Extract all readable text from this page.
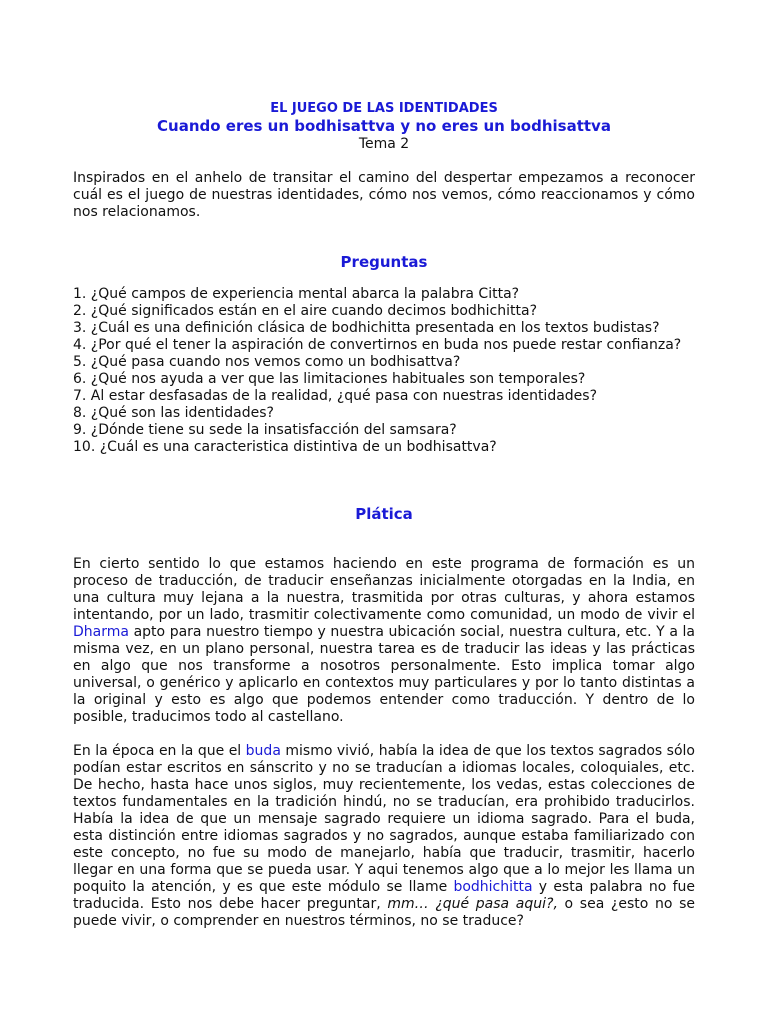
EL JUEGO DE LAS IDENTIDADES
Cuando eres un bodhisattva y no eres un bodhisattva
Tema 2

Inspirados en el anhelo de transitar el camino del despertar empezamos a reconocer cuál es el juego de nuestras identidades, cómo nos vemos, cómo reaccionamos y cómo nos relacionamos.

Preguntas
1. ¿Qué campos de experiencia mental abarca la palabra Citta?
2. ¿Qué significados están en el aire cuando decimos bodhichitta?
3. ¿Cuál es una definición clásica de bodhichitta presentada en los textos budistas?
4. ¿Por qué el tener la aspiración de convertirnos en buda nos puede restar confianza?
5. ¿Qué pasa cuando nos vemos como un bodhisattva?
6. ¿Qué nos ayuda a ver que las limitaciones habituales son temporales?
7. Al estar desfasadas de la realidad, ¿qué pasa con nuestras identidades?
8. ¿Qué son las identidades?
9. ¿Dónde tiene su sede la insatisfacción del samsara?
10. ¿Cuál es una caracteristica distintiva de un bodhisattva?
Plática

En cierto sentido lo que estamos haciendo en este programa de formación es un proceso de traducción, de traducir enseñanzas inicialmente otorgadas en la India, en una cultura muy lejana a la nuestra, trasmitida por otras culturas, y ahora estamos intentando, por un lado, trasmitir colectivamente como comunidad, un modo de vivir el Dharma apto para nuestro tiempo y nuestra ubicación social, nuestra cultura, etc. Y a la misma vez, en un plano personal, nuestra tarea es de traducir las ideas y las prácticas en algo que nos transforme a nosotros personalmente. Esto implica tomar algo universal, o genérico y aplicarlo en contextos muy particulares y por lo tanto distintas a la original y esto es algo que podemos entender como traducción. Y dentro de lo posible, traducimos todo al castellano.

En la época en la que el buda mismo vivió, había la idea de que los textos sagrados sólo podían estar escritos en sánscrito y no se traducían a idiomas locales, coloquiales, etc. De hecho, hasta hace unos siglos, muy recientemente, los vedas, estas colecciones de textos fundamentales en la tradición hindú, no se traducían, era prohibido traducirlos. Había la idea de que un mensaje sagrado requiere un idioma sagrado. Para el buda, esta distinción entre idiomas sagrados y no sagrados, aunque estaba familiarizado con este concepto, no fue su modo de manejarlo, había que traducir, trasmitir, hacerlo llegar en una forma que se pueda usar. Y aqui tenemos algo que a lo mejor les llama un poquito la atención, y es que este módulo se llame bodhichitta y esta palabra no fue traducida. Esto nos debe hacer preguntar, mm… ¿qué pasa aqui?, o sea ¿esto no se puede vivir, o comprender en nuestros términos, no se traduce?
